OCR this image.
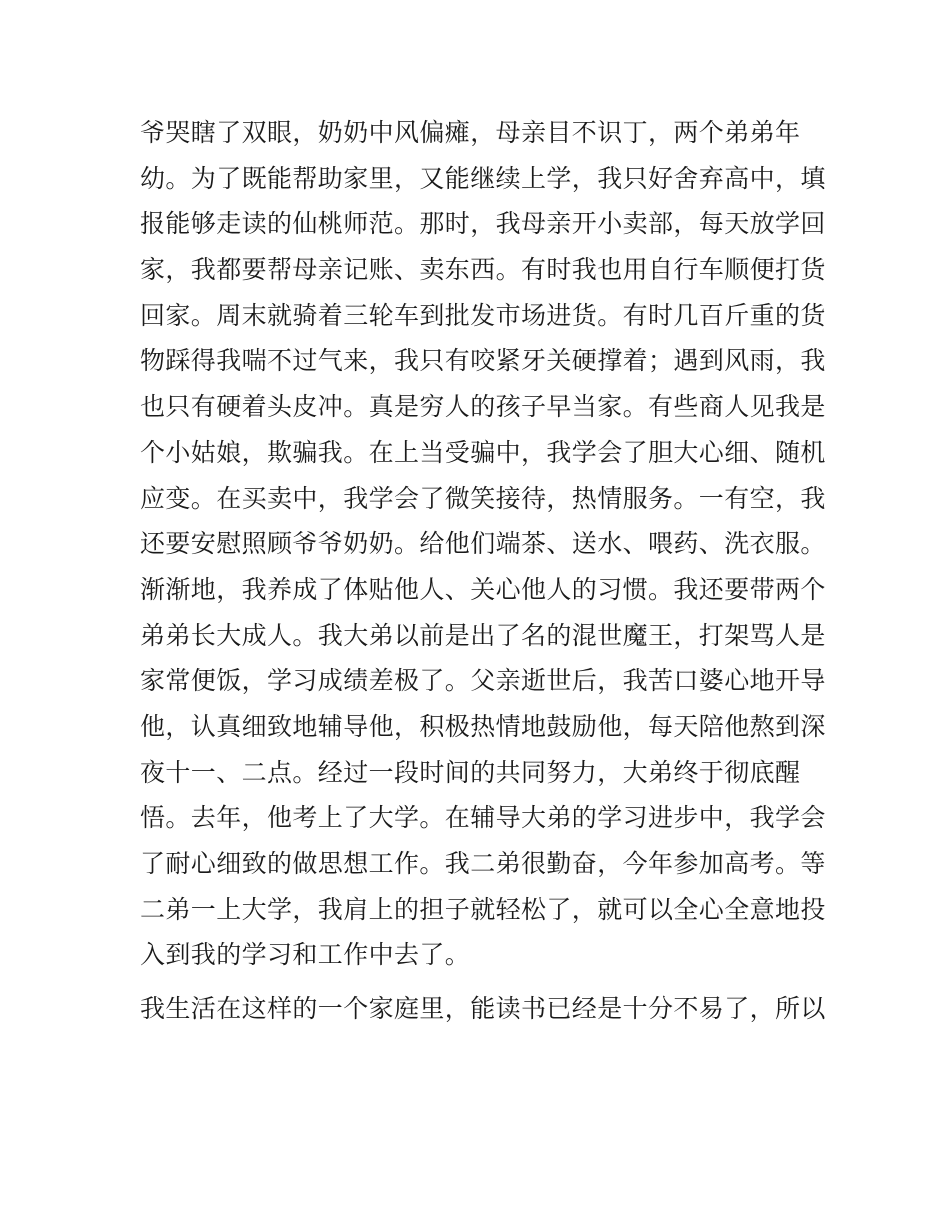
爷哭瞎了双眼，奶奶中风偏瘫，母亲目不识丁，两个弟弟年
幼。为了既能帮助家里，又能继续上学，我只好舍弃高中，填
报能够走读的仙桃师范。那时，我母亲开小卖部，每天放学回
家，我都要帮母亲记账、卖东西。有时我也用自行车顺便打货
回家。周末就骑着三轮车到批发市场进货。有时几百斤重的货
物踩得我喘不过气来，我只有咬紧牙关硬撑着；遇到风雨，我
也只有硬着头皮冲。真是穷人的孩子早当家。有些商人见我是
个小姑娘，欺骗我。在上当受骗中，我学会了胆大心细、随机
应变。在买卖中，我学会了微笑接待，热情服务。一有空，我
还要安慰照顾爷爷奶奶。给他们端茶、送水、喂药、洗衣服。
渐渐地，我养成了体贴他人、关心他人的习惯。我还要带两个
弟弟长大成人。我大弟以前是出了名的混世魔王，打架骂人是
家常便饭，学习成绩差极了。父亲逝世后，我苦口婆心地开导
他，认真细致地辅导他，积极热情地鼓励他，每天陪他熬到深
夜十一、二点。经过一段时间的共同努力，大弟终于彻底醒
悟。去年，他考上了大学。在辅导大弟的学习进步中，我学会
了耐心细致的做思想工作。我二弟很勤奋，今年参加高考。等
二弟一上大学，我肩上的担子就轻松了，就可以全心全意地投
入到我的学习和工作中去了。
我生活在这样的一个家庭里，能读书已经是十分不易了，所以
